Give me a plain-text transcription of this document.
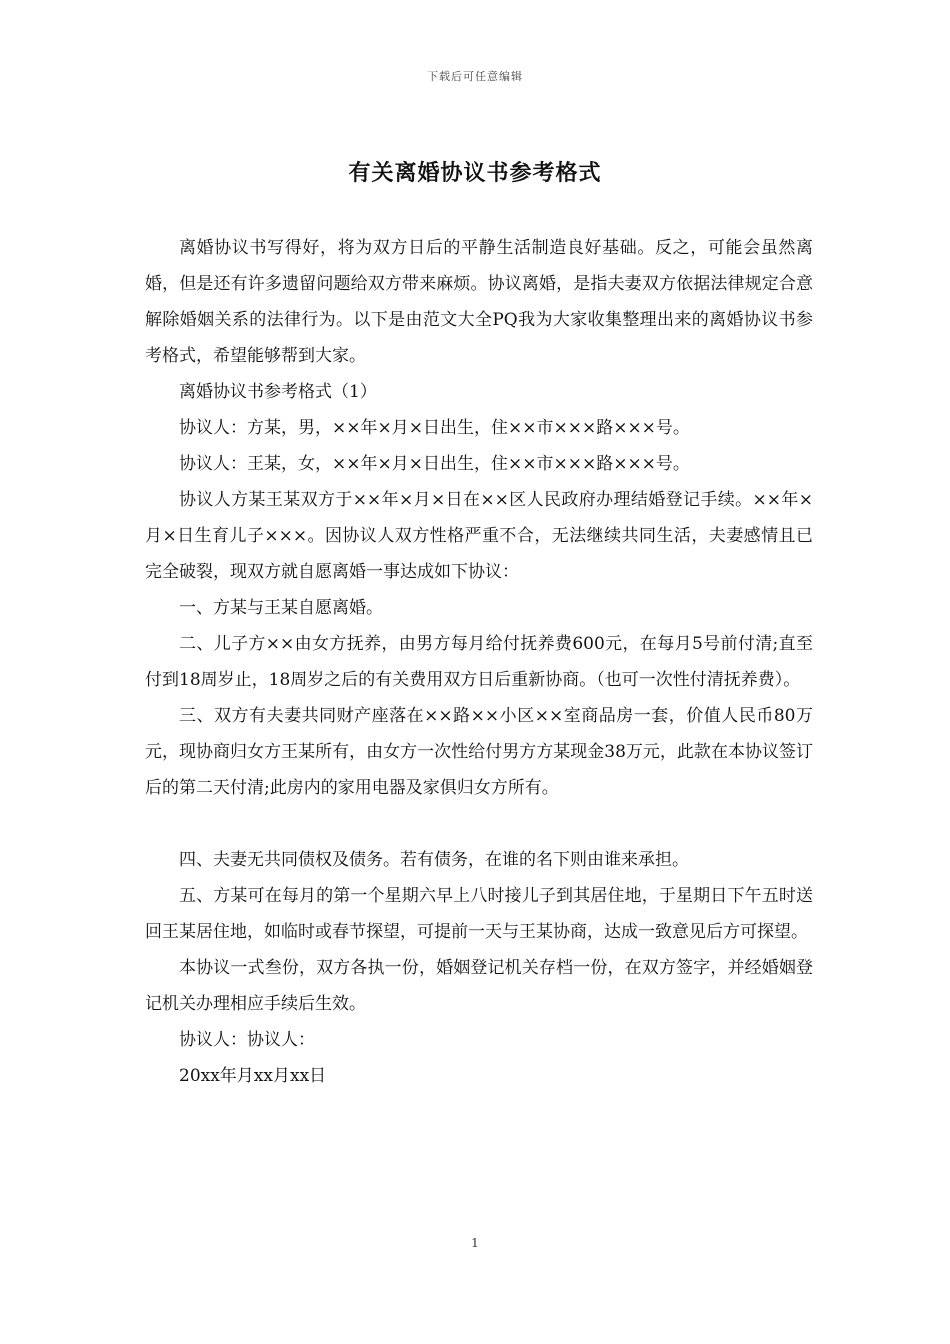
下载后可任意编辑
有关离婚协议书参考格式

离婚协议书写得好，将为双方日后的平静生活制造良好基础。反之，可能会虽然离婚，但是还有许多遗留问题给双方带来麻烦。协议离婚，是指夫妻双方依据法律规定合意解除婚姻关系的法律行为。以下是由范文大全PQ我为大家收集整理出来的离婚协议书参考格式，希望能够帮到大家。

离婚协议书参考格式（1）

协议人：方某，男，××年×月×日出生，住××市×××路×××号。

协议人：王某，女，××年×月×日出生，住××市×××路×××号。

协议人方某王某双方于××年×月×日在××区人民政府办理结婚登记手续。××年×月×日生育儿子×××。因协议人双方性格严重不合，无法继续共同生活，夫妻感情且已完全破裂，现双方就自愿离婚一事达成如下协议：

一、方某与王某自愿离婚。

二、儿子方××由女方抚养，由男方每月给付抚养费600元，在每月5号前付清;直至付到18周岁止，18周岁之后的有关费用双方日后重新协商。（也可一次性付清抚养费）。

三、双方有夫妻共同财产座落在××路××小区××室商品房一套，价值人民币80万元，现协商归女方王某所有，由女方一次性给付男方方某现金38万元，此款在本协议签订后的第二天付清;此房内的家用电器及家俱归女方所有。

四、夫妻无共同债权及债务。若有债务，在谁的名下则由谁来承担。

五、方某可在每月的第一个星期六早上八时接儿子到其居住地，于星期日下午五时送回王某居住地，如临时或春节探望，可提前一天与王某协商，达成一致意见后方可探望。

本协议一式叁份，双方各执一份，婚姻登记机关存档一份，在双方签字，并经婚姻登记机关办理相应手续后生效。

协议人：协议人：

20xx年月xx月xx日

1
